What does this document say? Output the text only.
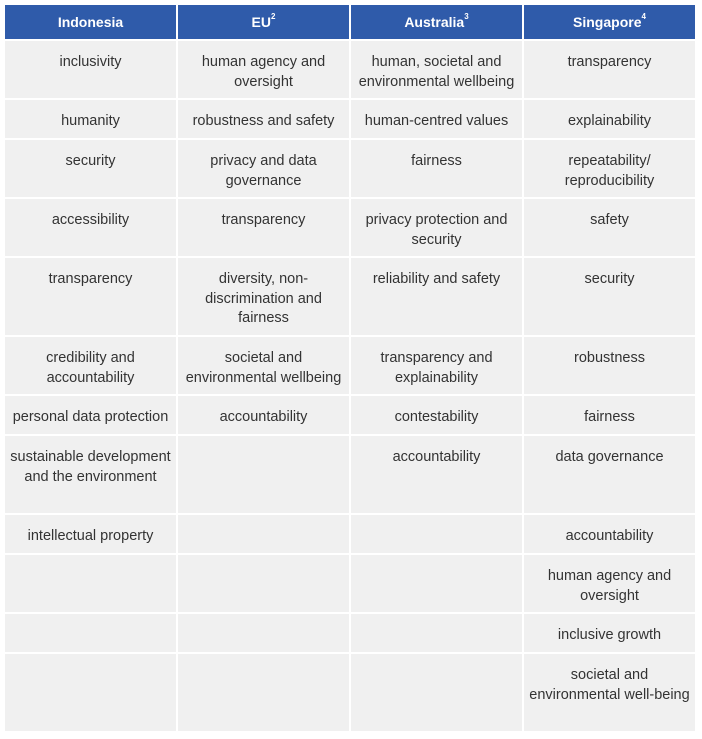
Indonesia	$EU^2$	Australia$^3$	Singapore$^4$
inclusivity	human agency and oversight	human, societal and environmental wellbeing	transparency
humanity	robustness and safety	human-centred values	explainability
security	privacy and data governance	fairness	repeatability/ reproducibility
accessibility	transparency	privacy protection and security	safety
transparency	diversity, non-discrimination and fairness	reliability and safety	security
credibility and accountability	societal and environmental wellbeing	transparency and explainability	robustness
personal data protection	accountability	contestability	fairness
sustainable development and the environment		accountability	data governance
intellectual property			accountability
			human agency and oversight
			inclusive growth
			societal and environmental well-being
